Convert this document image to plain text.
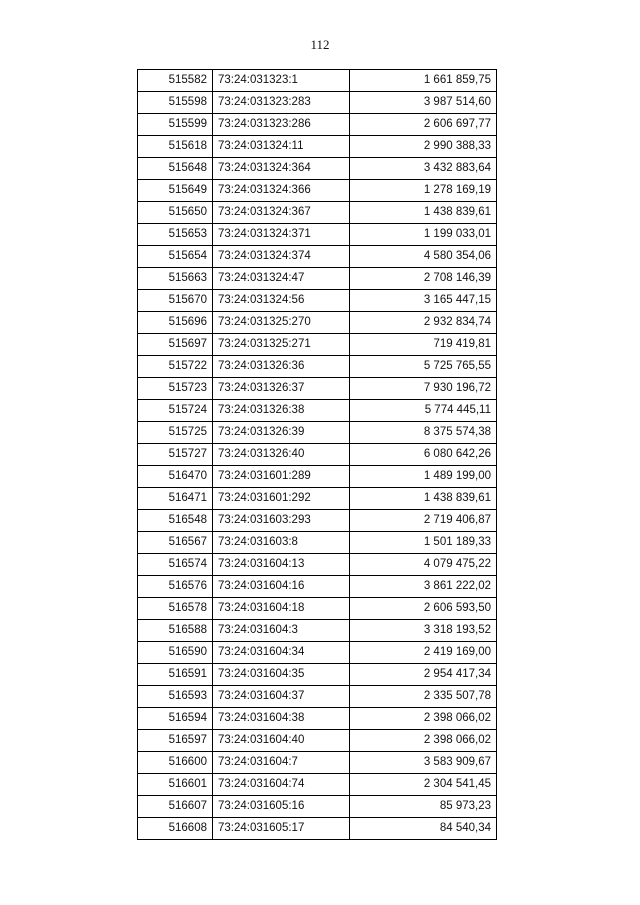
112
515582	73:24:031323:1	1 661 859,75
515598	73:24:031323:283	3 987 514,60
515599	73:24:031323:286	2 606 697,77
515618	73:24:031324:11	2 990 388,33
515648	73:24:031324:364	3 432 883,64
515649	73:24:031324:366	1 278 169,19
515650	73:24:031324:367	1 438 839,61
515653	73:24:031324:371	1 199 033,01
515654	73:24:031324:374	4 580 354,06
515663	73:24:031324:47	2 708 146,39
515670	73:24:031324:56	3 165 447,15
515696	73:24:031325:270	2 932 834,74
515697	73:24:031325:271	719 419,81
515722	73:24:031326:36	5 725 765,55
515723	73:24:031326:37	7 930 196,72
515724	73:24:031326:38	5 774 445,11
515725	73:24:031326:39	8 375 574,38
515727	73:24:031326:40	6 080 642,26
516470	73:24:031601:289	1 489 199,00
516471	73:24:031601:292	1 438 839,61
516548	73:24:031603:293	2 719 406,87
516567	73:24:031603:8	1 501 189,33
516574	73:24:031604:13	4 079 475,22
516576	73:24:031604:16	3 861 222,02
516578	73:24:031604:18	2 606 593,50
516588	73:24:031604:3	3 318 193,52
516590	73:24:031604:34	2 419 169,00
516591	73:24:031604:35	2 954 417,34
516593	73:24:031604:37	2 335 507,78
516594	73:24:031604:38	2 398 066,02
516597	73:24:031604:40	2 398 066,02
516600	73:24:031604:7	3 583 909,67
516601	73:24:031604:74	2 304 541,45
516607	73:24:031605:16	85 973,23
516608	73:24:031605:17	84 540,34
